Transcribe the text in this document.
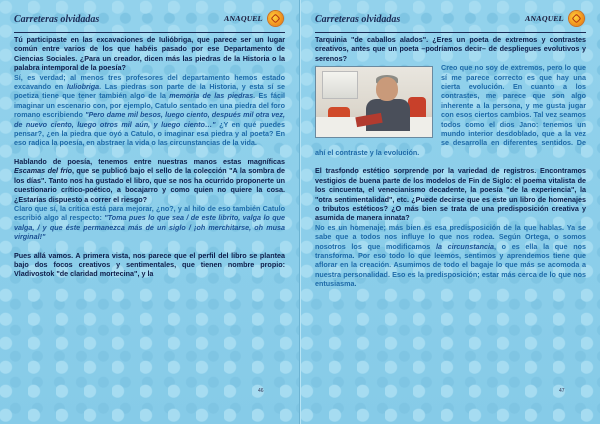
Carreteras olvidadas	ANAQUEL

Tú participaste en las excavaciones de Iulióbriga, que parece ser un lugar común entre varios de los que habéis pasado por ese Departamento de Ciencias Sociales. ¿Para un creador, dicen más las piedras de la Historia o la palabra intemporal de la poesía?

Sí, es verdad; al menos tres profesores del departamento hemos estado excavando en Iuliobriga. Las piedras son parte de la Historia, y esta sí se poetiza tiene que tener también algo de la memoria de las piedras. Es fácil imaginar un escenario con, por ejemplo, Catulo sentado en una piedra del foro romano escribiendo "Pero dame mil besos, luego ciento, después mil otra vez, de nuevo ciento, luego otros mil aún, y luego ciento…" ¿Y en qué puedes pensar?, ¿en la piedra que oyó a Catulo, o imaginar esa piedra y al poeta? En eso radica la poesía, en abstraer la vida o las circunstancias de la vida.

Hablando de poesía, tenemos entre nuestras manos estas magníficas Escamas del frío, que se publicó bajo el sello de la colección "A la sombra de los días". Tanto nos ha gustado el libro, que se nos ha ocurrido proponerte un cuestionario crítico-poético, a bocajarro y como quien no quiere la cosa. ¿Estarías dispuesto a correr el riesgo?

Claro que sí, la crítica está para mejorar, ¿no?, y al hilo de eso también Catulo escribió algo al respecto: "Toma pues lo que sea / de este librito, valga lo que valga, / y que éste permanezca más de un siglo / ¡oh merchitarse, oh musa virginal!"

Pues allá vamos. A primera vista, nos parece que el perfil del libro se plantea bajo dos focos creativos y sentimentales, que tienen nombre propio: Vladivostok "de claridad mortecina", y la

46
Carreteras olvidadas	ANAQUEL

Tarquinia "de caballos alados". ¿Eres un poeta de extremos y contrastes creativos, antes que un poeta –podríamos decir– de despliegues evolutivos y serenos?

Creo que no soy de extremos, pero lo que sí me parece correcto es que hay una cierta evolución. En cuanto a los contrastes, me parece que son algo inherente a la persona, y me gusta jugar con esos ciertos cambios. Tal vez seamos todos como el dios Jano: tenemos un mundo interior desdoblado, que a la vez se desarrolla en diferentes sentidos. De ahí el contraste y la evolución.

El trasfondo estético sorprende por la variedad de registros. Encontramos vestigios de buena parte de los modelos de Fin de Siglo: el poema vitalista de los cincuenta, el venecianismo decadente, la poesía "de la experiencia", la "otra sentimentalidad", etc. ¿Puede decirse que es este un libro de homenajes o tributos estéticos? ¿O más bien se trata de una predisposición creativa y asumida de manera innata?

No es un homenaje; más bien es esa predisposición de la que hablas. Ya se sabe que a todos nos influye lo que nos rodea. Según Ortega, o somos nosotros los que modificamos la circunstancia, o es ella la que nos transforma. Por eso todo lo que leemos, sentimos y aprendemos tiene que aflorar en la creación. Asumimos de todo el bagaje lo que más se acomoda a nuestra personalidad. Eso es la predisposición; estar más cerca de lo que nos entusiasma.

47
